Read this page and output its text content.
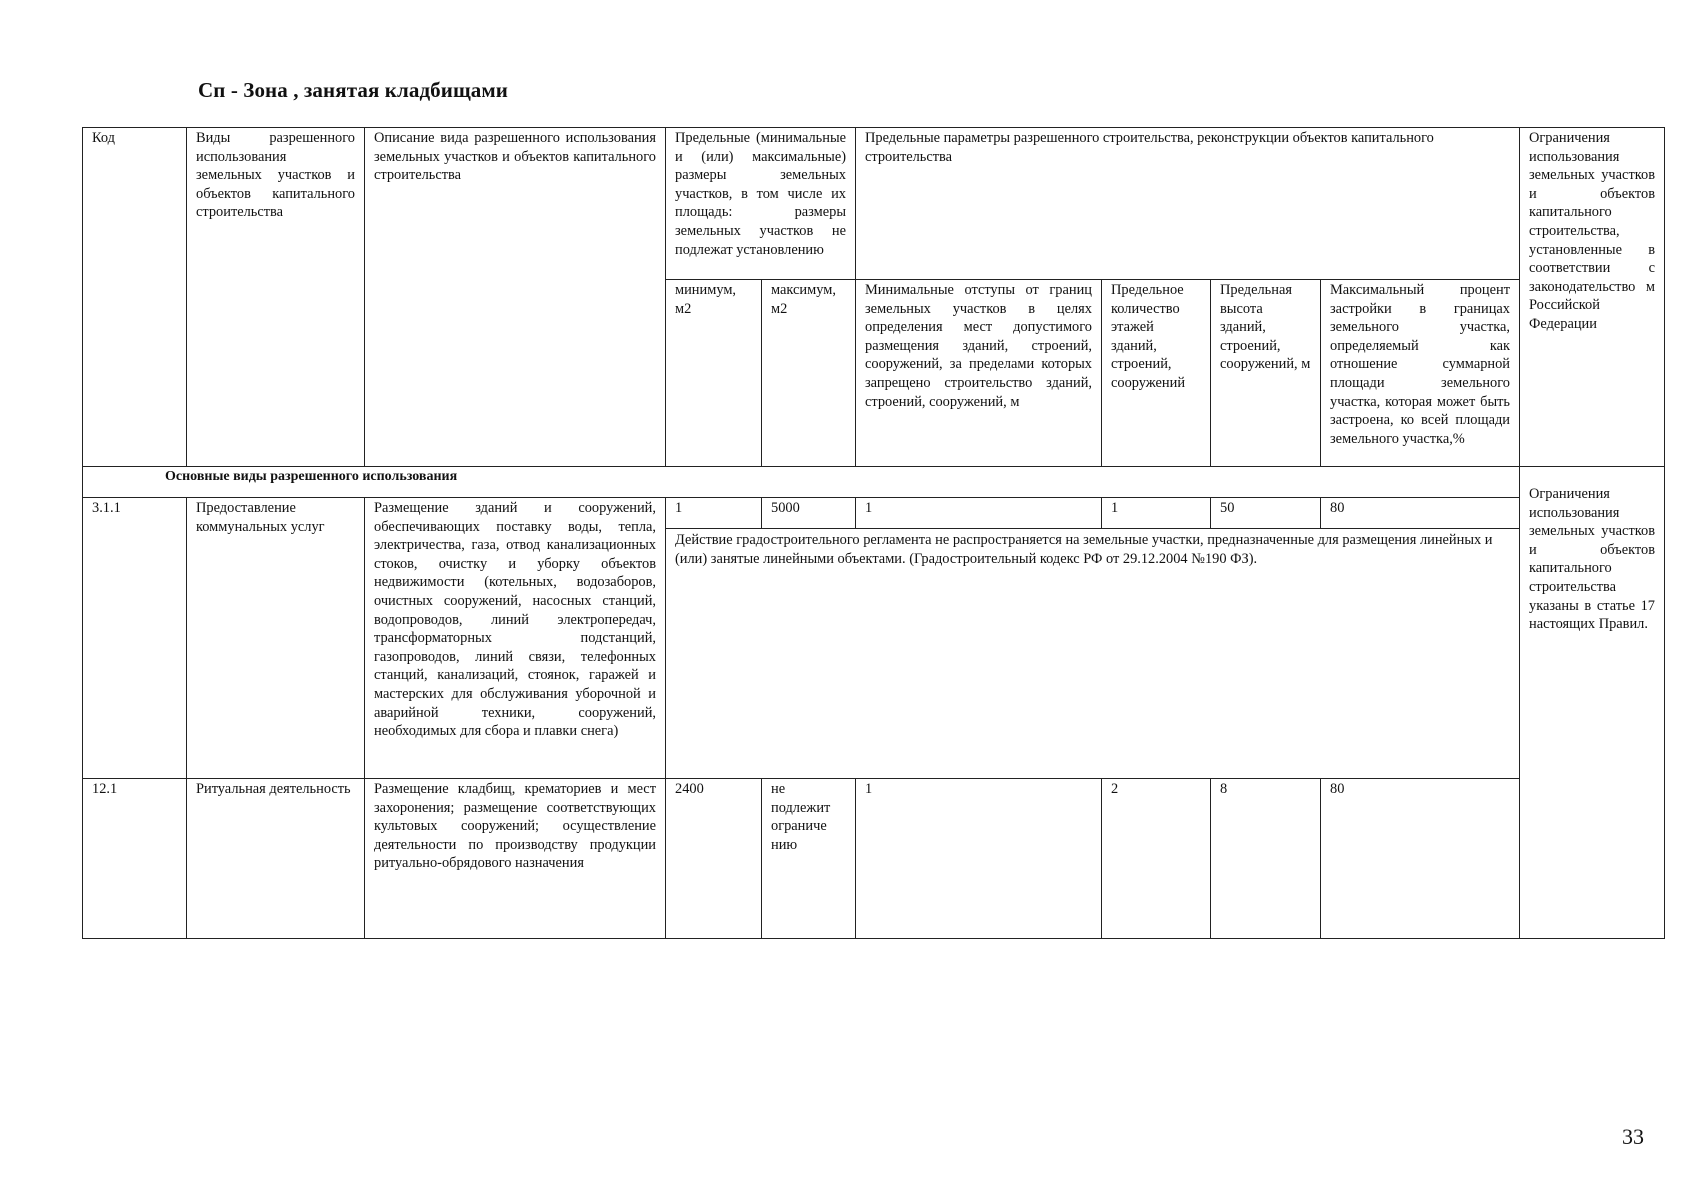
Сп - Зона , занятая кладбищами
Код	Виды разрешенного использования земельных участков и объектов капитального строительства	Описание вида разрешенного использования земельных участков и объектов капитального строительства	Предельные (минимальные и (или) максимальные) размеры земельных участков, в том числе их площадь: размеры земельных участков не подлежат установлению		Предельные параметры разрешенного строительства, реконструкции объектов капитального строительства				Ограничения использования земельных участков и объектов капитального строительства, установленные в соответствии с законодательство м Российской Федерации
			минимум, м2	максимум, м2	Минимальные отступы от границ земельных участков в целях определения мест допустимого размещения зданий, строений, сооружений, за пределами которых запрещено строительство зданий, строений, сооружений, м	Предельное количество этажей зданий, строений, сооружений	Предельная высота зданий, строений, сооружений, м	Максимальный процент застройки в границах земельного участка, определяемый как отношение суммарной площади земельного участка, которая может быть застроена, ко всей площади земельного участка,%	
Основные виды разрешенного использования									Ограничения использования земельных участков и объектов капитального строительства указаны в статье 17 настоящих Правил.
3.1.1	Предоставление коммунальных услуг	Размещение зданий и сооружений, обеспечивающих поставку воды, тепла, электричества, газа, отвод канализационных стоков, очистку и уборку объектов недвижимости (котельных, водозаборов, очистных сооружений, насосных станций, водопроводов, линий электропередач, трансформаторных подстанций, газопроводов, линий связи, телефонных станций, канализаций, стоянок, гаражей и мастерских для обслуживания уборочной и аварийной техники, сооружений, необходимых для сбора и плавки снега)	1	5000	1	1	50	80	
			Действие градостроительного регламента не распространяется на земельные участки, предназначенные для размещения линейных и (или) занятые линейными объектами. (Градостроительный кодекс РФ от 29.12.2004 №190 ФЗ).						
12.1	Ритуальная деятельность	Размещение кладбищ, крематориев и мест захоронения; размещение соответствующих культовых сооружений; осуществление деятельности по производству продукции ритуально-обрядового назначения	2400	не подлежит ограниче нию	1	2	8	80	
33
